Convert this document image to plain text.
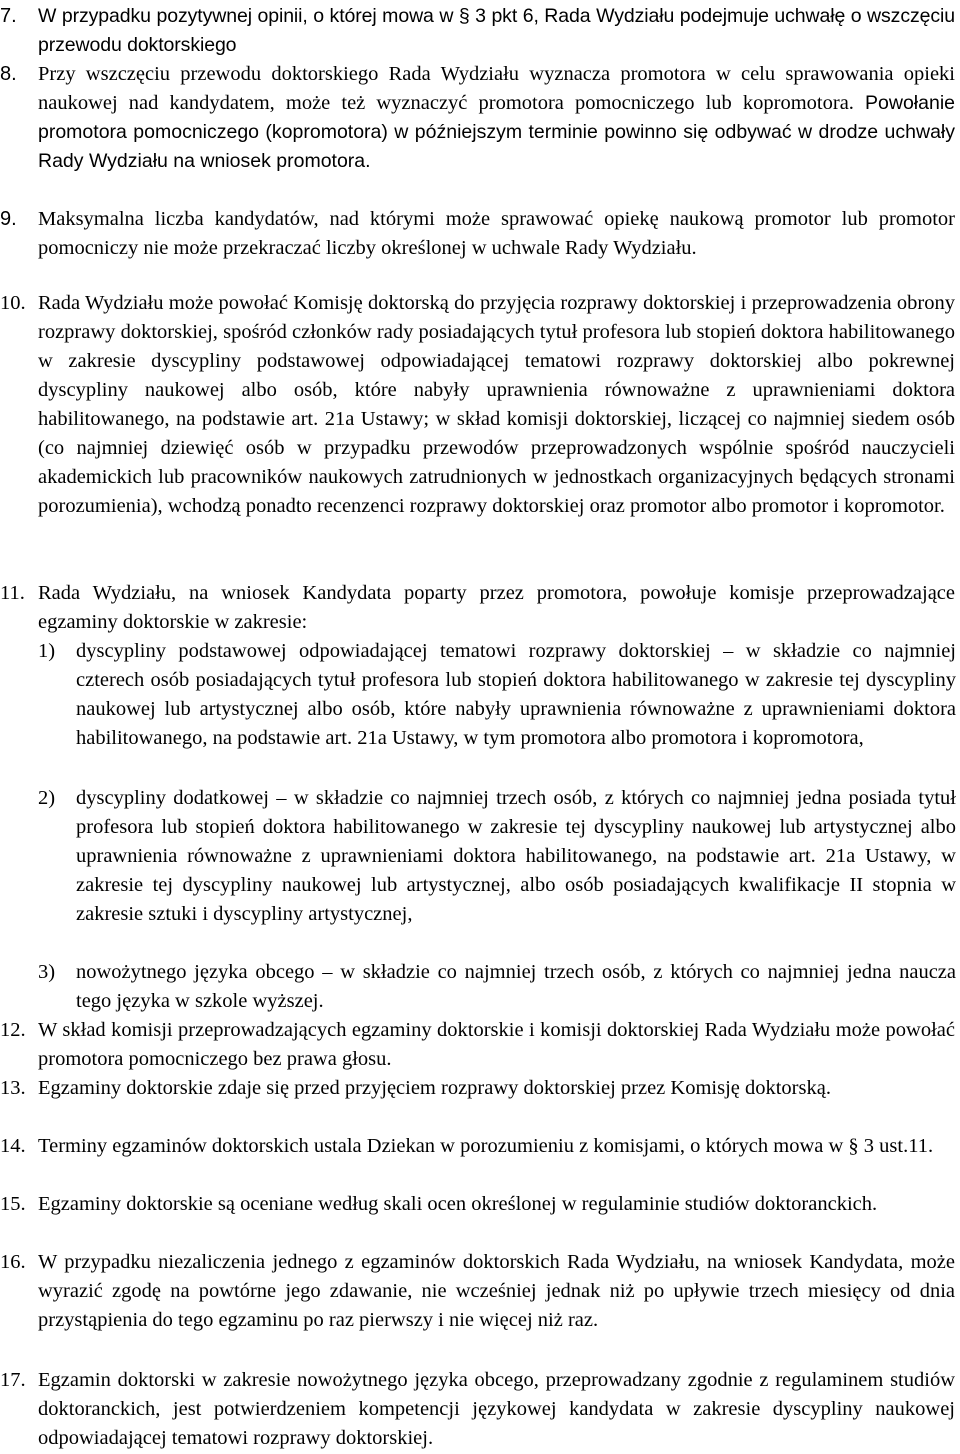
7.	W przypadku pozytywnej opinii, o której mowa w § 3 pkt 6, Rada Wydziału podejmuje uchwałę o wszczęciu przewodu doktorskiego
8.	Przy wszczęciu przewodu doktorskiego Rada Wydziału wyznacza promotora w celu sprawowania opieki naukowej nad kandydatem, może też wyznaczyć promotora pomocniczego lub kopromotora. Powołanie promotora pomocniczego (kopromotora) w późniejszym terminie powinno się odbywać w drodze uchwały Rady Wydziału na wniosek promotora.
9.	Maksymalna liczba kandydatów, nad którymi może sprawować opiekę naukową promotor lub promotor pomocniczy nie może przekraczać liczby określonej w uchwale Rady Wydziału.
10. Rada Wydziału może powołać Komisję doktorską do przyjęcia rozprawy doktorskiej i przeprowadzenia obrony rozprawy doktorskiej, spośród członków rady posiadających tytuł profesora lub stopień doktora habilitowanego w zakresie dyscypliny podstawowej odpowiadającej tematowi rozprawy doktorskiej albo pokrewnej dyscypliny naukowej albo osób, które nabyły uprawnienia równoważne z uprawnieniami doktora habilitowanego, na podstawie art. 21a Ustawy; w skład komisji doktorskiej, liczącej co najmniej siedem osób (co najmniej dziewięć osób w przypadku przewodów przeprowadzonych wspólnie spośród nauczycieli akademickich lub pracowników naukowych zatrudnionych w jednostkach organizacyjnych będących stronami porozumienia), wchodzą ponadto recenzenci rozprawy doktorskiej oraz promotor albo promotor i kopromotor.
11. Rada Wydziału, na wniosek Kandydata poparty przez promotora, powołuje komisje przeprowadzające egzaminy doktorskie w zakresie:
1)	dyscypliny podstawowej odpowiadającej tematowi rozprawy doktorskiej – w składzie co najmniej czterech osób posiadających tytuł profesora lub stopień doktora habilitowanego w zakresie tej dyscypliny naukowej lub artystycznej albo osób, które nabyły uprawnienia równoważne z uprawnieniami doktora habilitowanego, na podstawie art. 21a Ustawy, w tym promotora albo promotora i kopromotora,
2)	dyscypliny dodatkowej – w składzie co najmniej trzech osób, z których co najmniej jedna posiada tytuł profesora lub stopień doktora habilitowanego w zakresie tej dyscypliny naukowej lub artystycznej albo uprawnienia równoważne z uprawnieniami doktora habilitowanego, na podstawie art. 21a Ustawy, w zakresie tej dyscypliny naukowej lub artystycznej, albo osób posiadających kwalifikacje II stopnia w zakresie sztuki i dyscypliny artystycznej,
3)	nowożytnego języka obcego – w składzie co najmniej trzech osób, z których co najmniej jedna naucza tego języka w szkole wyższej.
12. W skład komisji przeprowadzających egzaminy doktorskie i komisji doktorskiej Rada Wydziału może powołać promotora pomocniczego bez prawa głosu.
13. Egzaminy doktorskie zdaje się przed przyjęciem rozprawy doktorskiej przez Komisję doktorską.
14. Terminy egzaminów doktorskich ustala Dziekan w porozumieniu z komisjami, o których mowa w § 3 ust.11.
15. Egzaminy doktorskie są oceniane według skali ocen określonej w regulaminie studiów doktoranckich.
16. W przypadku niezaliczenia jednego z egzaminów doktorskich Rada Wydziału, na wniosek Kandydata, może wyrazić zgodę na powtórne jego zdawanie, nie wcześniej jednak niż po upływie trzech miesięcy od dnia przystąpienia do tego egzaminu po raz pierwszy i nie więcej niż raz.
17. Egzamin doktorski w zakresie nowożytnego języka obcego, przeprowadzany zgodnie z regulaminem studiów doktoranckich, jest potwierdzeniem kompetencji językowej kandydata w zakresie dyscypliny naukowej odpowiadającej tematowi rozprawy doktorskiej.
